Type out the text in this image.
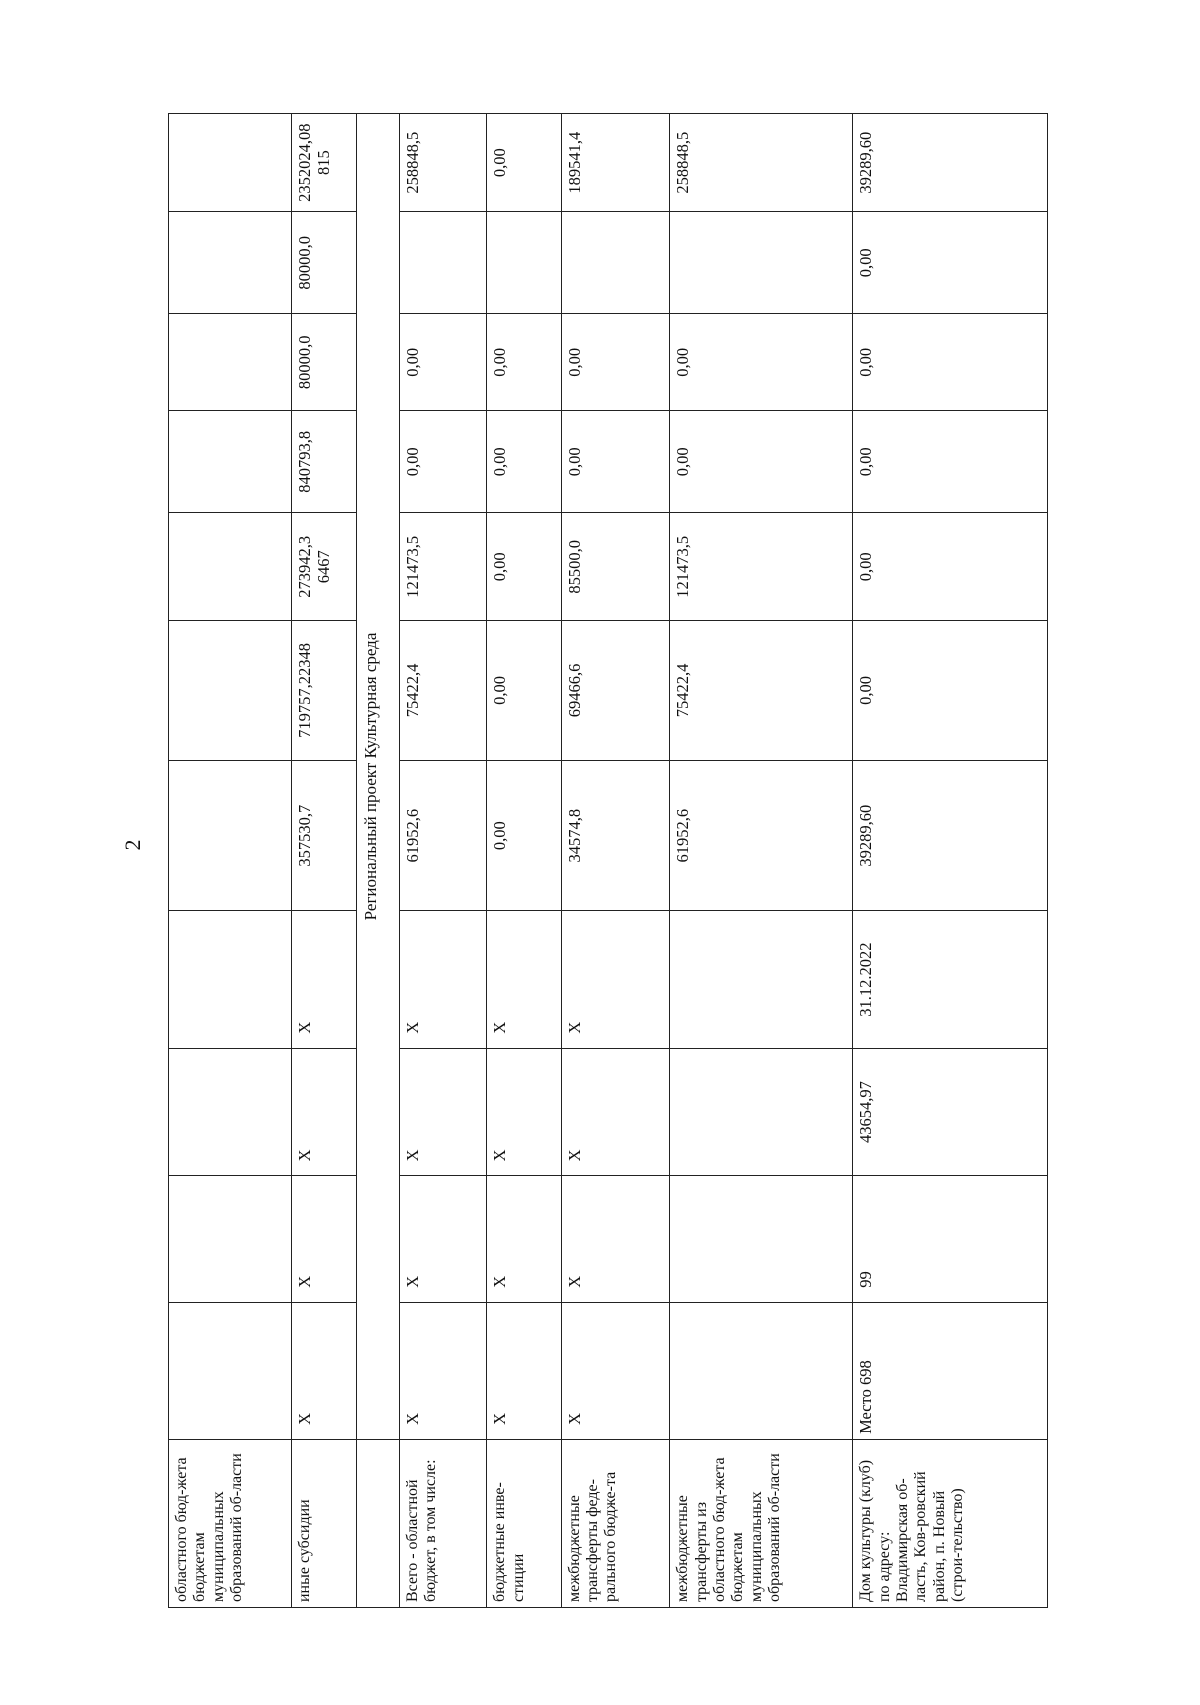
2
областного бюд-жета бюджетам муниципальных образований об-ласти											
иные субсидии	X	X	X	X	357530,7	719757,22348	273942,3 6467	840793,8	80000,0	80000,0	2352024,08 815
	Региональный проект Культурная среда										
Всего - областной бюджет, в том числе:	X	X	X	X	61952,6	75422,4	121473,5	0,00	0,00		258848,5
бюджетные инве-стиции	X	X	X	X	0,00	0,00	0,00	0,00	0,00		0,00
межбюджетные трансферты феде-рального бюдже-та	X	X	X	X	34574,8	69466,6	85500,0	0,00	0,00		189541,4
межбюджетные трансферты из областного бюд-жета бюджетам муниципальных образований об-ласти					61952,6	75422,4	121473,5	0,00	0,00		258848,5
Дом культуры (клуб) по адресу: Владимирская об-ласть, Ков-ровский район, п. Новый (строи-тельство)	Место 698	99	43654,97	31.12.2022	39289,60	0,00	0,00	0,00	0,00	0,00	39289,60
